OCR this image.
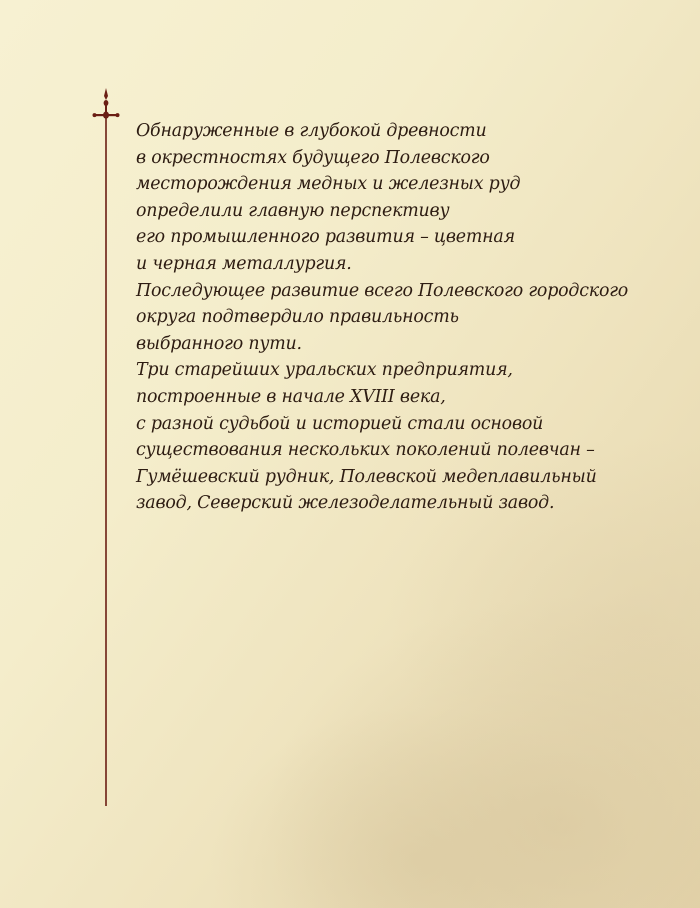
Обнаруженные в глубокой древности
в окрестностях будущего Полевского
месторождения медных и железных руд
определили главную перспективу
его промышленного развития – цветная
и черная металлургия.
Последующее развитие всего Полевского городского
округа подтвердило правильность
выбранного пути.
Три старейших уральских предприятия,
построенные в начале XVIII века,
с разной судьбой и историей стали основой
существования нескольких поколений полевчан –
Гумёшевский рудник, Полевской медеплавильный
завод, Северский железоделательный завод.
